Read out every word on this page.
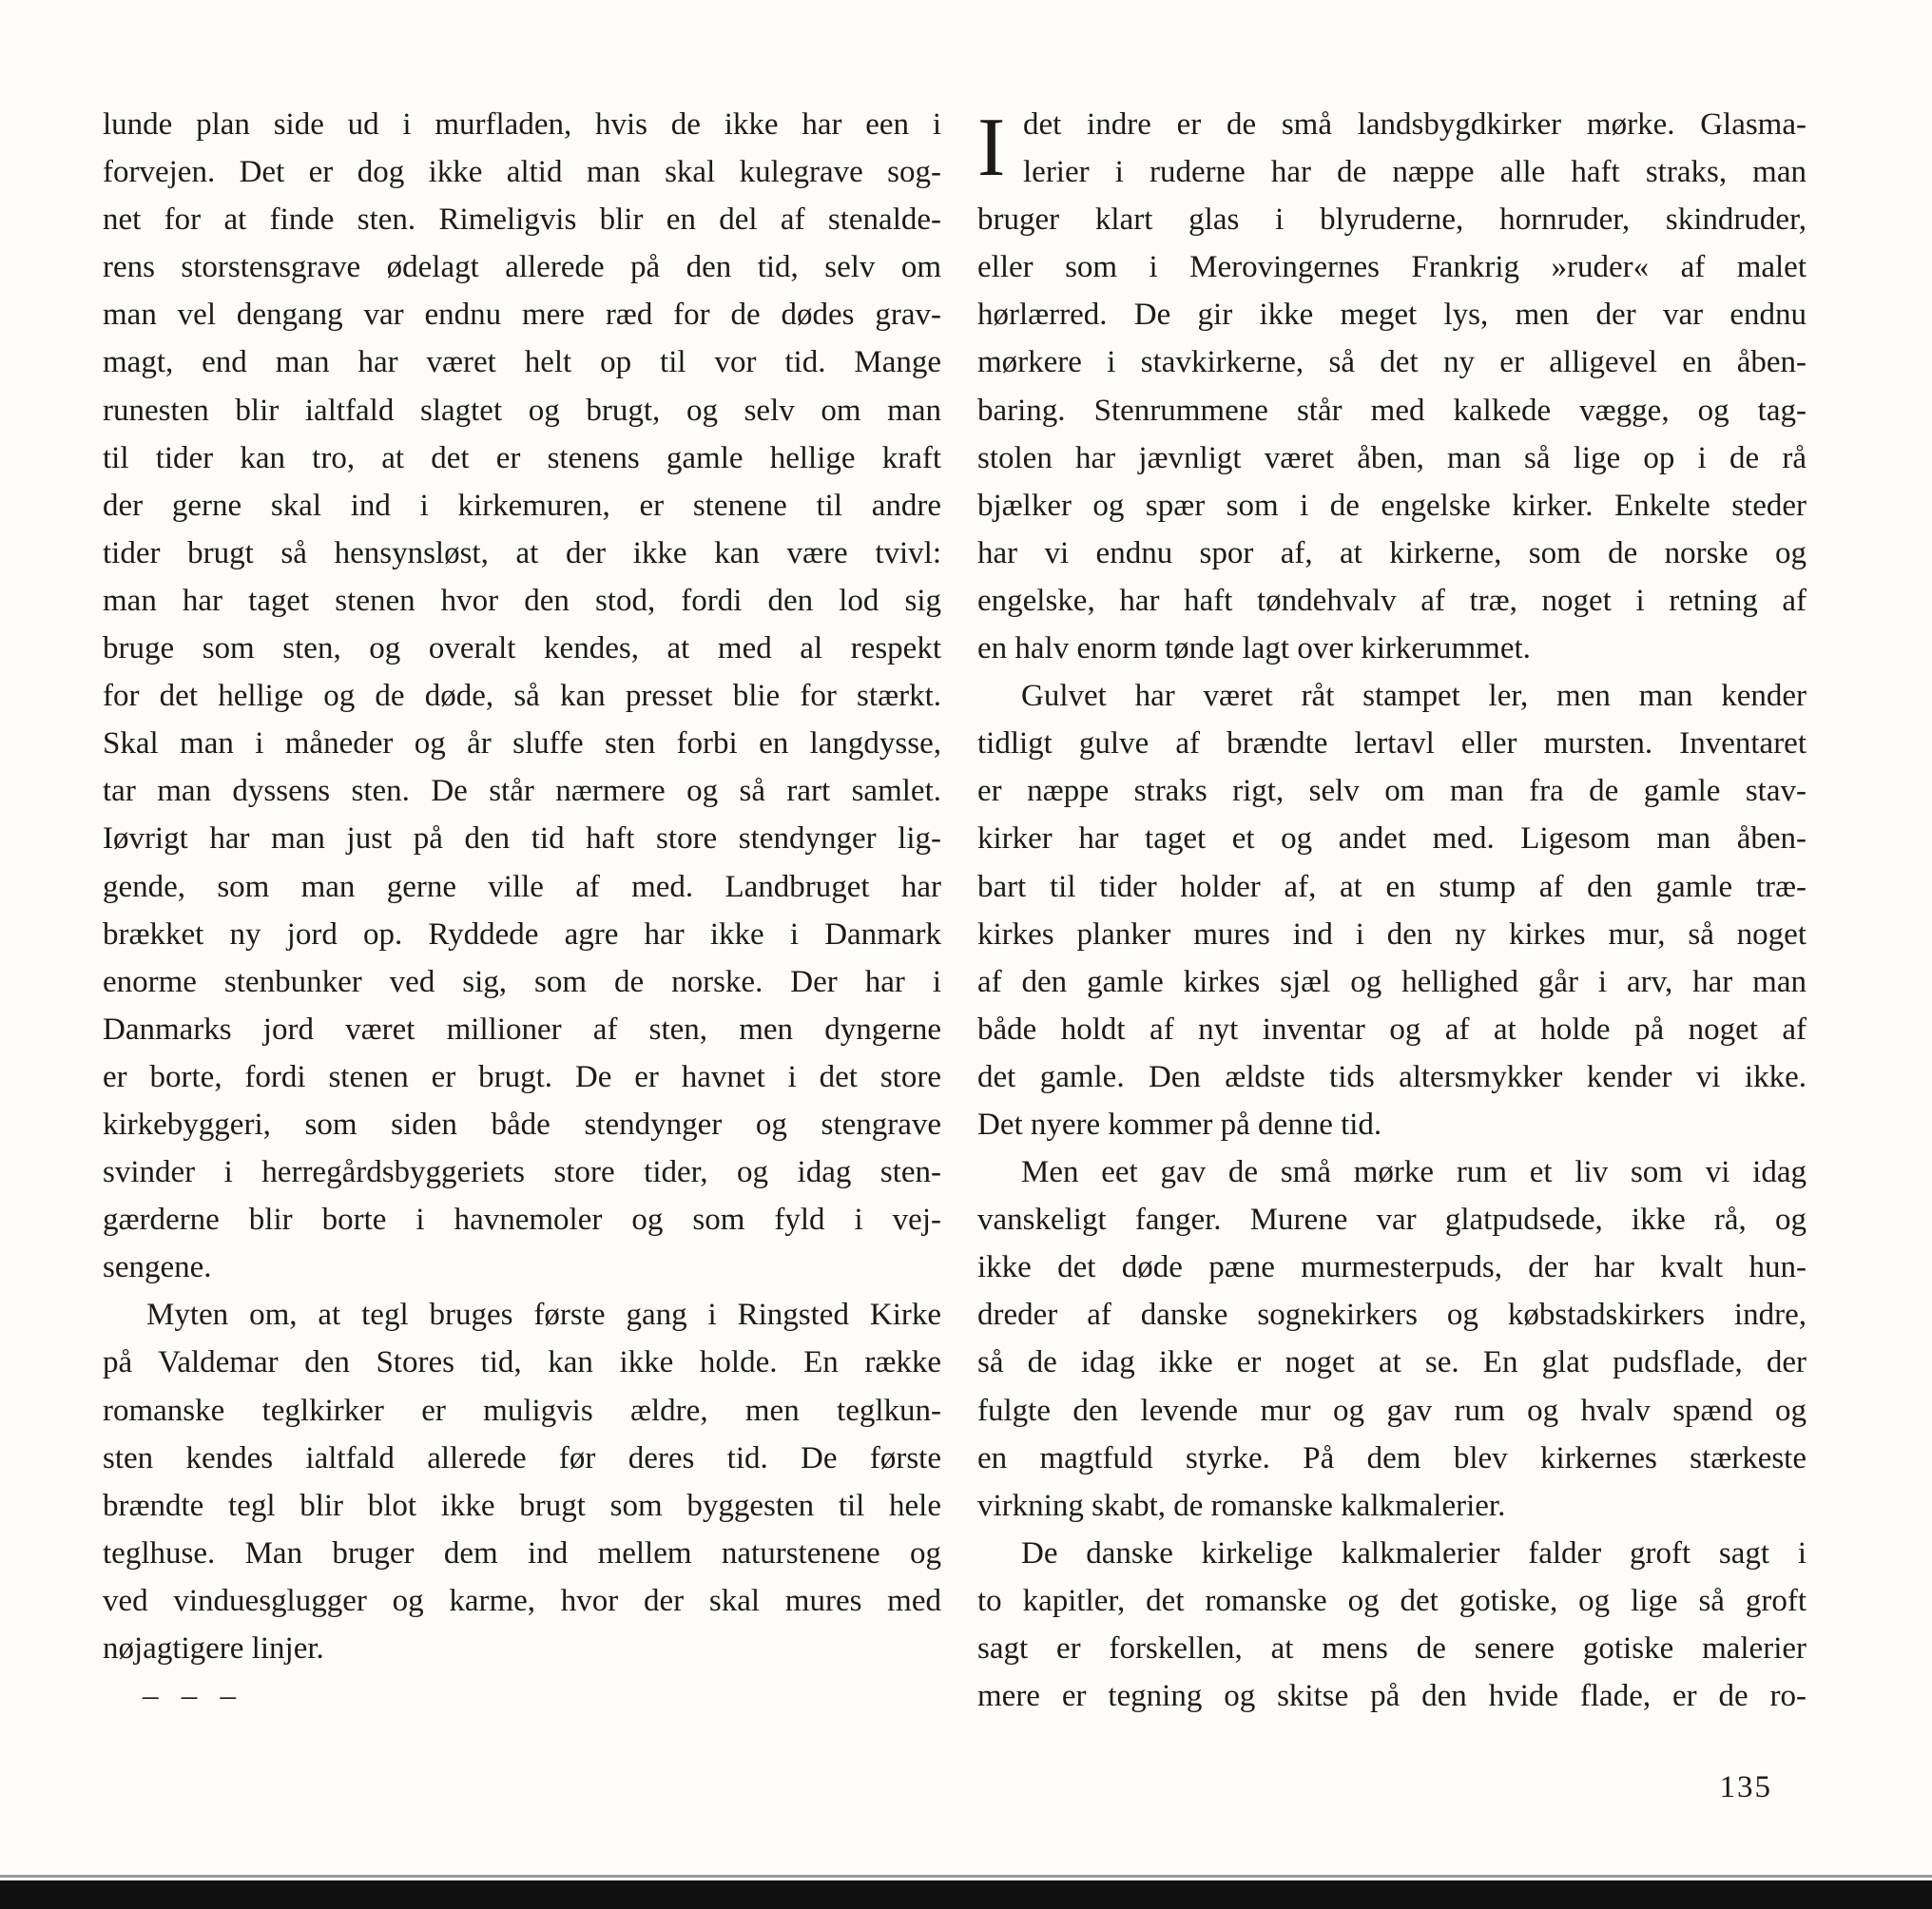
lunde plan side ud i murfladen, hvis de ikke har een i
forvejen. Det er dog ikke altid man skal kulegrave sog-
net for at finde sten. Rimeligvis blir en del af stenalde-
rens storstensgrave ødelagt allerede på den tid, selv om
man vel dengang var endnu mere ræd for de dødes grav-
magt, end man har været helt op til vor tid. Mange
runesten blir ialtfald slagtet og brugt, og selv om man
til tider kan tro, at det er stenens gamle hellige kraft
der gerne skal ind i kirkemuren, er stenene til andre
tider brugt så hensynsløst, at der ikke kan være tvivl:
man har taget stenen hvor den stod, fordi den lod sig
bruge som sten, og overalt kendes, at med al respekt
for det hellige og de døde, så kan presset blie for stærkt.
Skal man i måneder og år sluffe sten forbi en langdysse,
tar man dyssens sten. De står nærmere og så rart samlet.
Iøvrigt har man just på den tid haft store stendynger lig-
gende, som man gerne ville af med. Landbruget har
brækket ny jord op. Ryddede agre har ikke i Danmark
enorme stenbunker ved sig, som de norske. Der har i
Danmarks jord været millioner af sten, men dyngerne
er borte, fordi stenen er brugt. De er havnet i det store
kirkebyggeri, som siden både stendynger og stengrave
svinder i herregårdsbyggeriets store tider, og idag sten-
gærderne blir borte i havnemoler og som fyld i vej-
sengene.
Myten om, at tegl bruges første gang i Ringsted Kirke
på Valdemar den Stores tid, kan ikke holde. En række
romanske teglkirker er muligvis ældre, men teglkun-
sten kendes ialtfald allerede før deres tid. De første
brændte tegl blir blot ikke brugt som byggesten til hele
teglhuse. Man bruger dem ind mellem naturstenene og
ved vinduesglugger og karme, hvor der skal mures med
nøjagtigere linjer.
– – –
I det indre er de små landsbygdkirker mørke. Glasma-
lerier i ruderne har de næppe alle haft straks, man
bruger klart glas i blyruderne, hornruder, skindruder,
eller som i Merovingernes Frankrig »ruder« af malet
hørlærred. De gir ikke meget lys, men der var endnu
mørkere i stavkirkerne, så det ny er alligevel en åben-
baring. Stenrummene står med kalkede vægge, og tag-
stolen har jævnligt været åben, man så lige op i de rå
bjælker og spær som i de engelske kirker. Enkelte steder
har vi endnu spor af, at kirkerne, som de norske og
engelske, har haft tøndehvalv af træ, noget i retning af
en halv enorm tønde lagt over kirkerummet.
Gulvet har været råt stampet ler, men man kender
tidligt gulve af brændte lertavl eller mursten. Inventaret
er næppe straks rigt, selv om man fra de gamle stav-
kirker har taget et og andet med. Ligesom man åben-
bart til tider holder af, at en stump af den gamle træ-
kirkes planker mures ind i den ny kirkes mur, så noget
af den gamle kirkes sjæl og hellighed går i arv, har man
både holdt af nyt inventar og af at holde på noget af
det gamle. Den ældste tids altersmykker kender vi ikke.
Det nyere kommer på denne tid.
Men eet gav de små mørke rum et liv som vi idag
vanskeligt fanger. Murene var glatpudsede, ikke rå, og
ikke det døde pæne murmesterpuds, der har kvalt hun-
dreder af danske sognekirkers og købstadskirkers indre,
så de idag ikke er noget at se. En glat pudsflade, der
fulgte den levende mur og gav rum og hvalv spænd og
en magtfuld styrke. På dem blev kirkernes stærkeste
virkning skabt, de romanske kalkmalerier.
De danske kirkelige kalkmalerier falder groft sagt i
to kapitler, det romanske og det gotiske, og lige så groft
sagt er forskellen, at mens de senere gotiske malerier
mere er tegning og skitse på den hvide flade, er de ro-
135
